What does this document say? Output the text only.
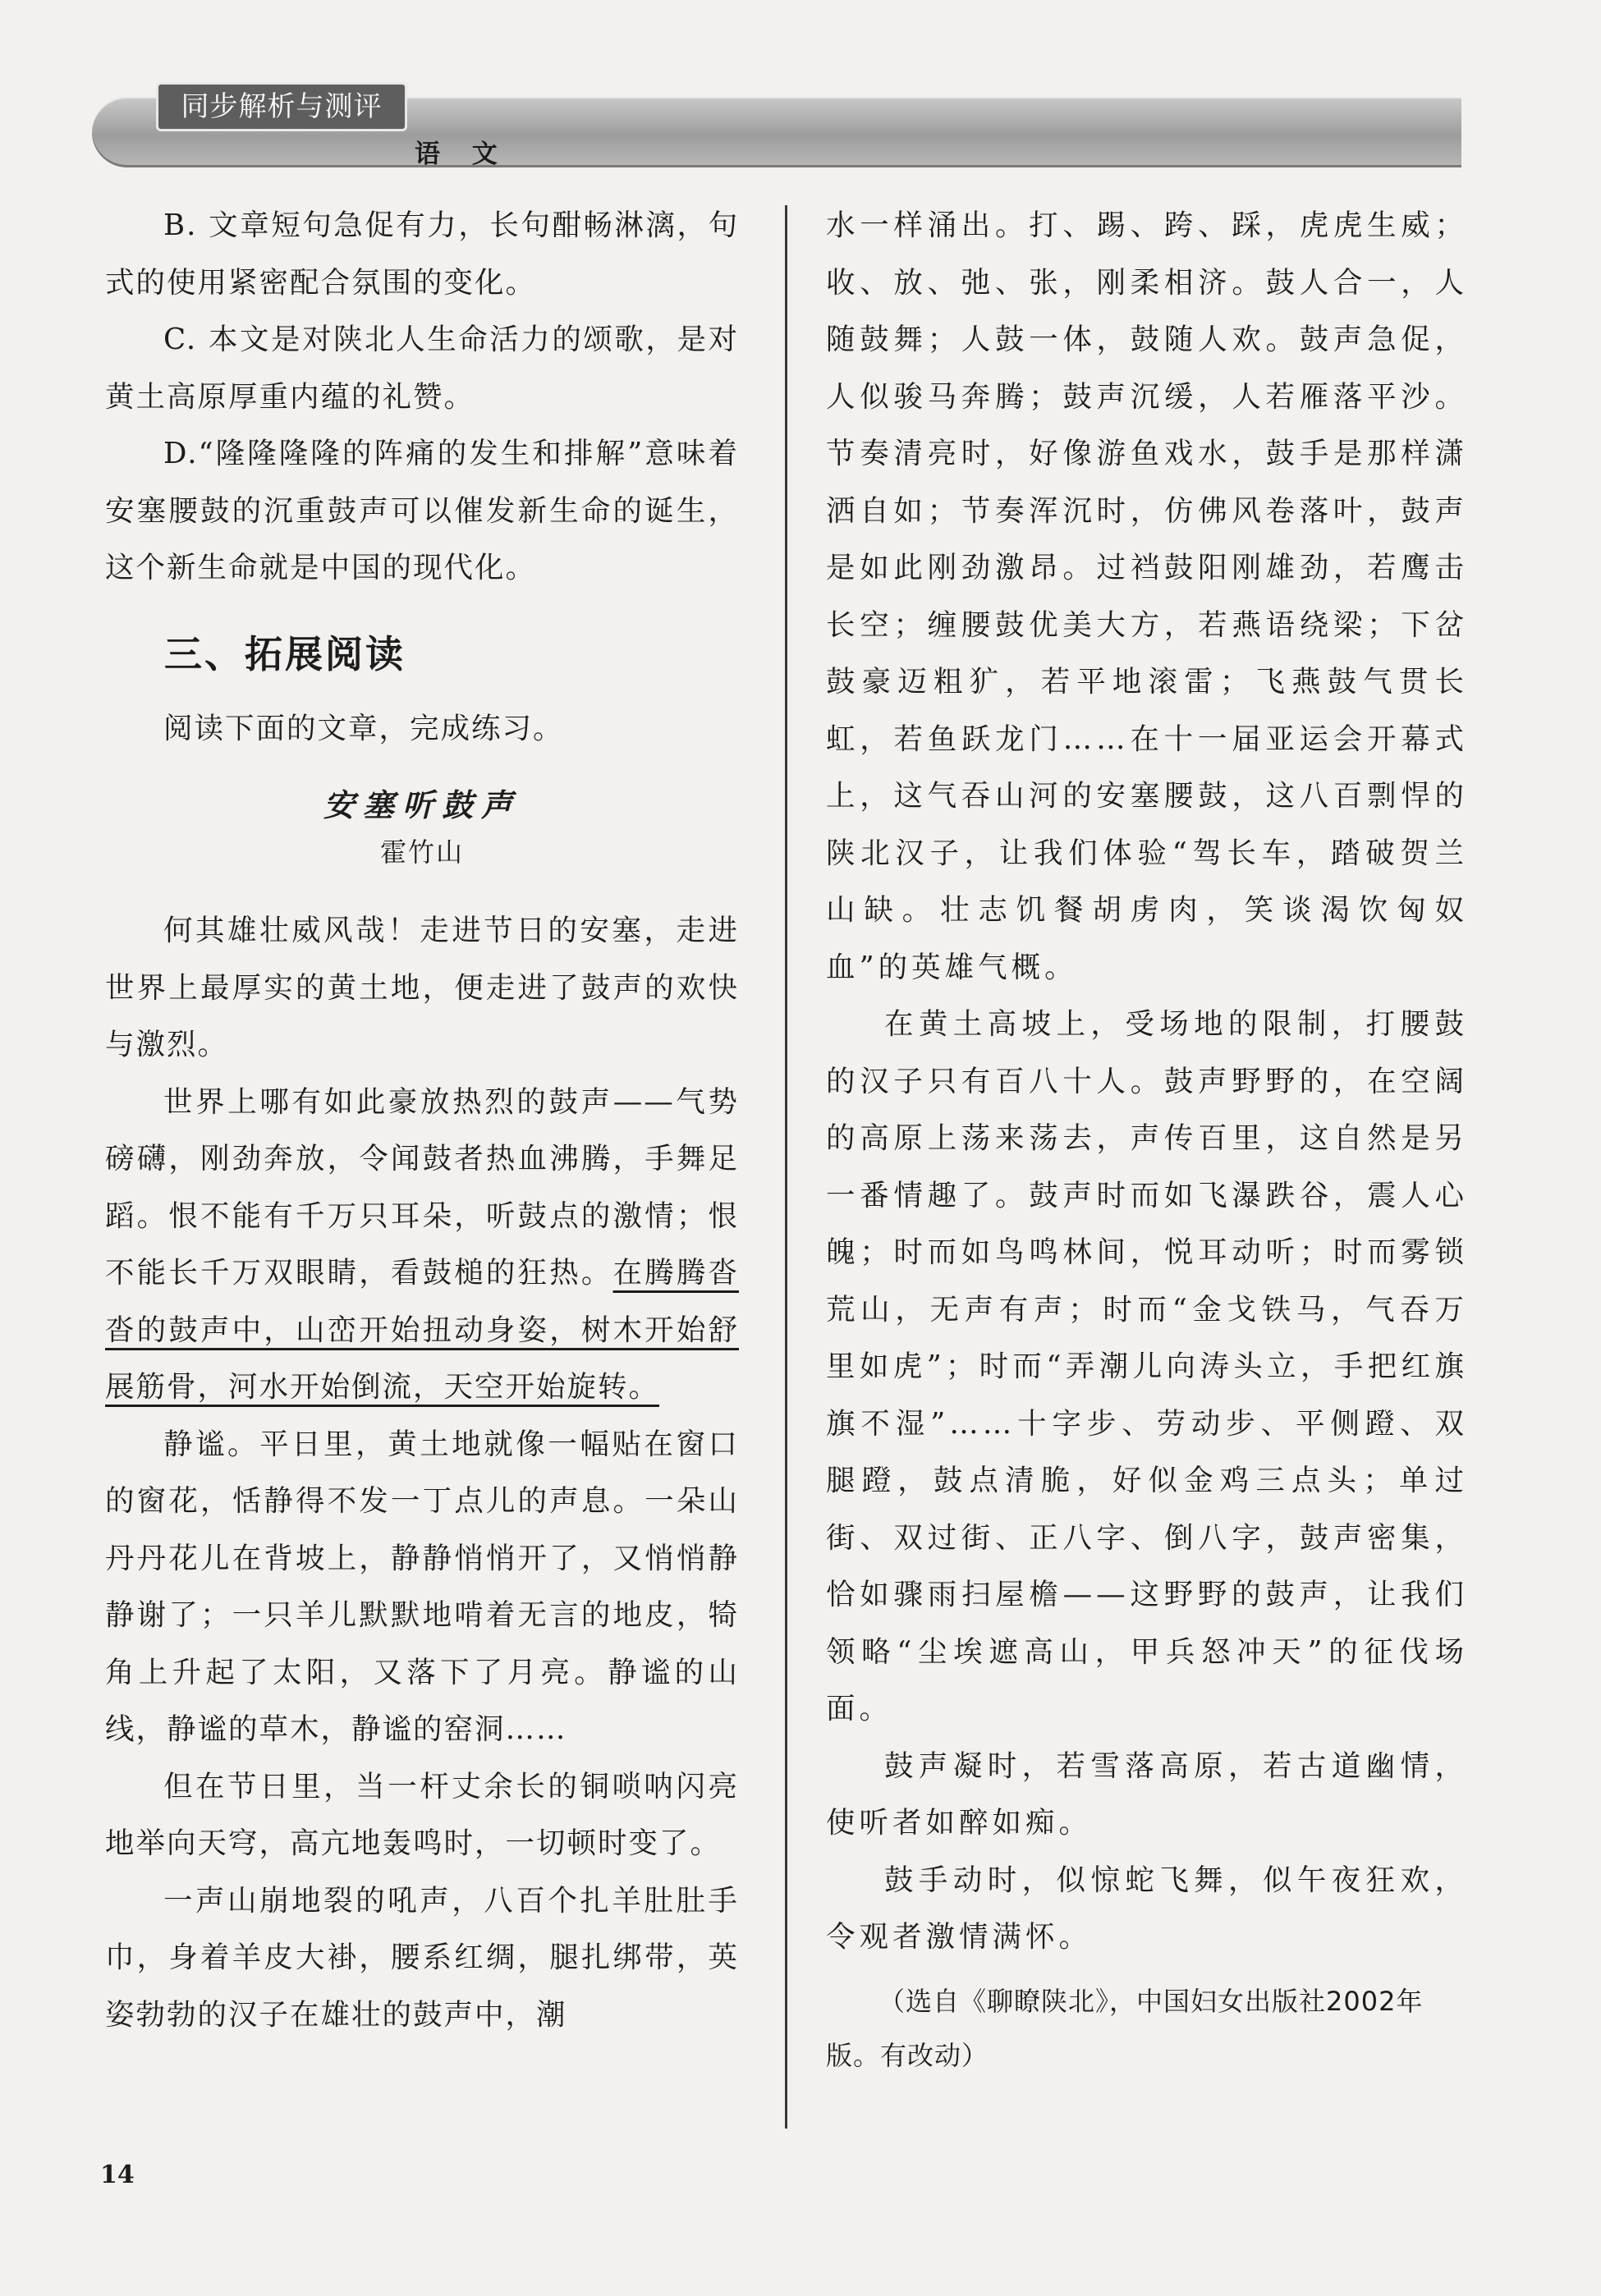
同步解析与测评
语 文

B. 文章短句急促有力，长句酣畅淋漓，句式的使用紧密配合氛围的变化。

C. 本文是对陕北人生命活力的颂歌，是对黄土高原厚重内蕴的礼赞。

D.“隆隆隆隆的阵痛的发生和排解”意味着安塞腰鼓的沉重鼓声可以催发新生命的诞生，这个新生命就是中国的现代化。

三、拓展阅读

阅读下面的文章，完成练习。

安塞听鼓声
霍竹山

何其雄壮威风哉！走进节日的安塞，走进世界上最厚实的黄土地，便走进了鼓声的欢快与激烈。

世界上哪有如此豪放热烈的鼓声——气势磅礴，刚劲奔放，令闻鼓者热血沸腾，手舞足蹈。恨不能有千万只耳朵，听鼓点的激情；恨不能长千万双眼睛，看鼓槌的狂热。在腾腾沓沓的鼓声中，山峦开始扭动身姿，树木开始舒展筋骨，河水开始倒流，天空开始旋转。

静谧。平日里，黄土地就像一幅贴在窗口的窗花，恬静得不发一丁点儿的声息。一朵山丹丹花儿在背坡上，静静悄悄开了，又悄悄静静谢了；一只羊儿默默地啃着无言的地皮，犄角上升起了太阳，又落下了月亮。静谧的山线，静谧的草木，静谧的窑洞……

但在节日里，当一杆丈余长的铜唢呐闪亮地举向天穹，高亢地轰鸣时，一切顿时变了。

一声山崩地裂的吼声，八百个扎羊肚肚手巾，身着羊皮大褂，腰系红绸，腿扎绑带，英姿勃勃的汉子在雄壮的鼓声中，潮

水一样涌出。打、踢、跨、踩，虎虎生威；收、放、弛、张，刚柔相济。鼓人合一，人随鼓舞；人鼓一体，鼓随人欢。鼓声急促，人似骏马奔腾；鼓声沉缓，人若雁落平沙。节奏清亮时，好像游鱼戏水，鼓手是那样潇洒自如；节奏浑沉时，仿佛风卷落叶，鼓声是如此刚劲激昂。过裆鼓阳刚雄劲，若鹰击长空；缠腰鼓优美大方，若燕语绕梁；下岔鼓豪迈粗犷，若平地滚雷；飞燕鼓气贯长虹，若鱼跃龙门……在十一届亚运会开幕式上，这气吞山河的安塞腰鼓，这八百剽悍的陕北汉子，让我们体验“驾长车，踏破贺兰山缺。壮志饥餐胡虏肉，笑谈渴饮匈奴血”的英雄气概。

在黄土高坡上，受场地的限制，打腰鼓的汉子只有百八十人。鼓声野野的，在空阔的高原上荡来荡去，声传百里，这自然是另一番情趣了。鼓声时而如飞瀑跌谷，震人心魄；时而如鸟鸣林间，悦耳动听；时而雾锁荒山，无声有声；时而“金戈铁马，气吞万里如虎”；时而“弄潮儿向涛头立，手把红旗旗不湿”……十字步、劳动步、平侧蹬、双腿蹬，鼓点清脆，好似金鸡三点头；单过街、双过街、正八字、倒八字，鼓声密集，恰如骤雨扫屋檐——这野野的鼓声，让我们领略“尘埃遮高山，甲兵怒冲天”的征伐场面。

鼓声凝时，若雪落高原，若古道幽情，使听者如醉如痴。

鼓手动时，似惊蛇飞舞，似午夜狂欢，令观者激情满怀。

（选自《聊瞭陕北》，中国妇女出版社2002年版。有改动）

14
